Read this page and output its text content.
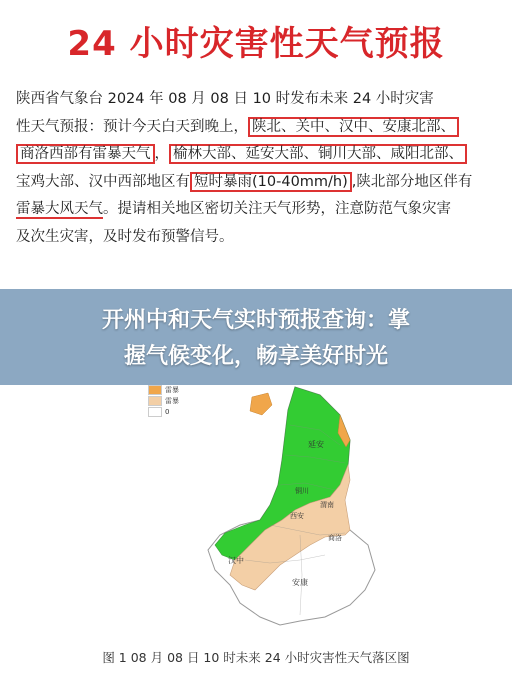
24 小时灾害性天气预报
陕西省气象台 2024 年 08 月 08 日 10 时发布未来 24 小时灾害
性天气预报：预计今天白天到晚上， 陕北、关中、汉中、安康北部、
商洛西部有雷暴天气 ， 榆林大部、延安大部、铜川大部、咸阳北部、
宝鸡大部、汉中西部地区有 短时暴雨(10-40mm/h) ,陕北部分地区伴有
雷暴大风天气。提请相关地区密切关注天气形势，注意防范气象灾害
及次生灾害，及时发布预警信号。
雷暴
雷暴
0
延安
铜川
渭南
西安
商洛
汉中
安康
开州中和天气实时预报查询：掌
握气候变化，畅享美好时光
图 1 08 月 08 日 10 时未来 24 小时灾害性天气落区图
